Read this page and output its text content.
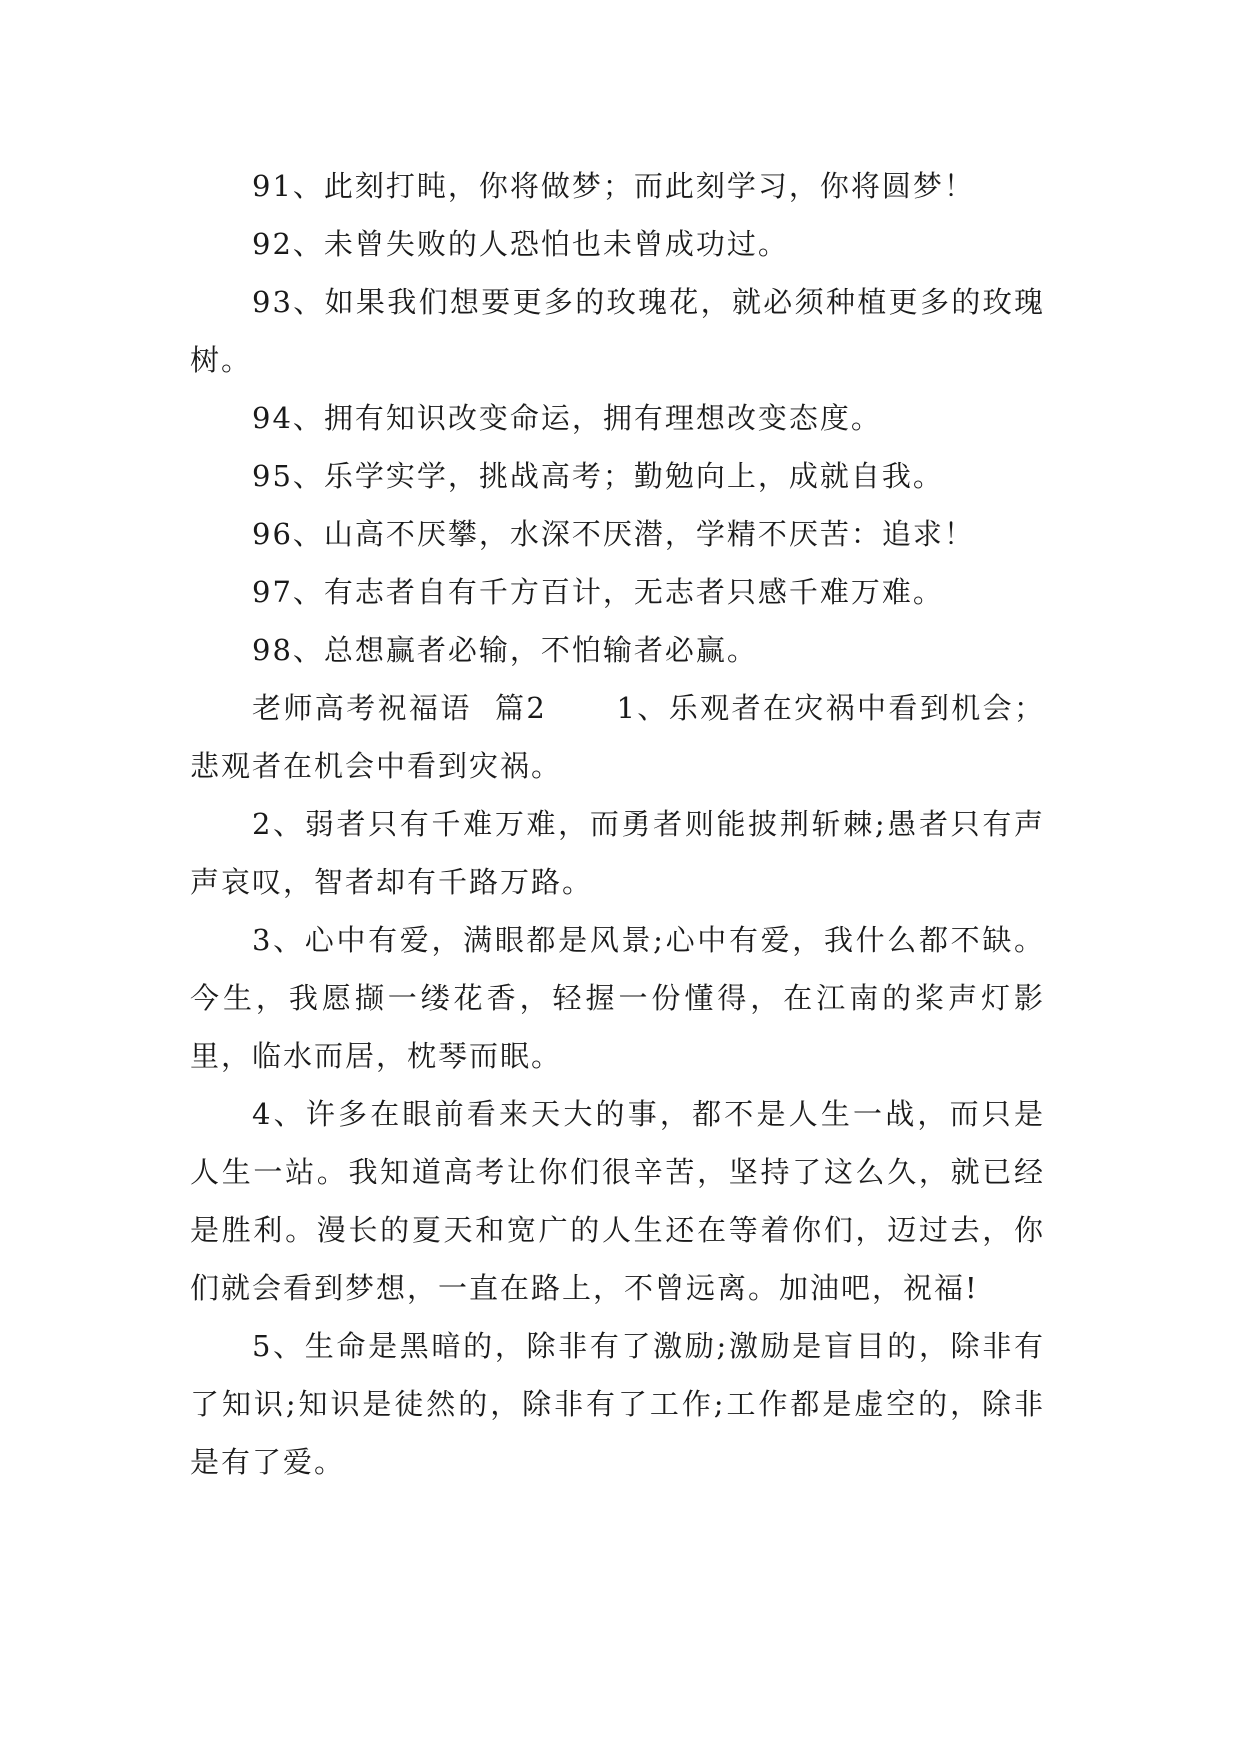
91、此刻打盹，你将做梦；而此刻学习，你将圆梦！

92、未曾失败的人恐怕也未曾成功过。

93、如果我们想要更多的玫瑰花，就必须种植更多的玫瑰树。

94、拥有知识改变命运，拥有理想改变态度。

95、乐学实学，挑战高考；勤勉向上，成就自我。

96、山高不厌攀，水深不厌潜，学精不厌苦：追求！

97、有志者自有千方百计，无志者只感千难万难。

98、总想赢者必输，不怕输者必赢。

老师高考祝福语  篇2      1、乐观者在灾祸中看到机会；悲观者在机会中看到灾祸。

2、弱者只有千难万难，而勇者则能披荆斩棘;愚者只有声声哀叹，智者却有千路万路。

3、心中有爱，满眼都是风景;心中有爱，我什么都不缺。今生，我愿撷一缕花香，轻握一份懂得，在江南的桨声灯影里，临水而居，枕琴而眠。

4、许多在眼前看来天大的事，都不是人生一战，而只是人生一站。我知道高考让你们很辛苦，坚持了这么久，就已经是胜利。漫长的夏天和宽广的人生还在等着你们，迈过去，你们就会看到梦想，一直在路上，不曾远离。加油吧，祝福!

5、生命是黑暗的，除非有了激励;激励是盲目的，除非有了知识;知识是徒然的，除非有了工作;工作都是虚空的，除非是有了爱。
